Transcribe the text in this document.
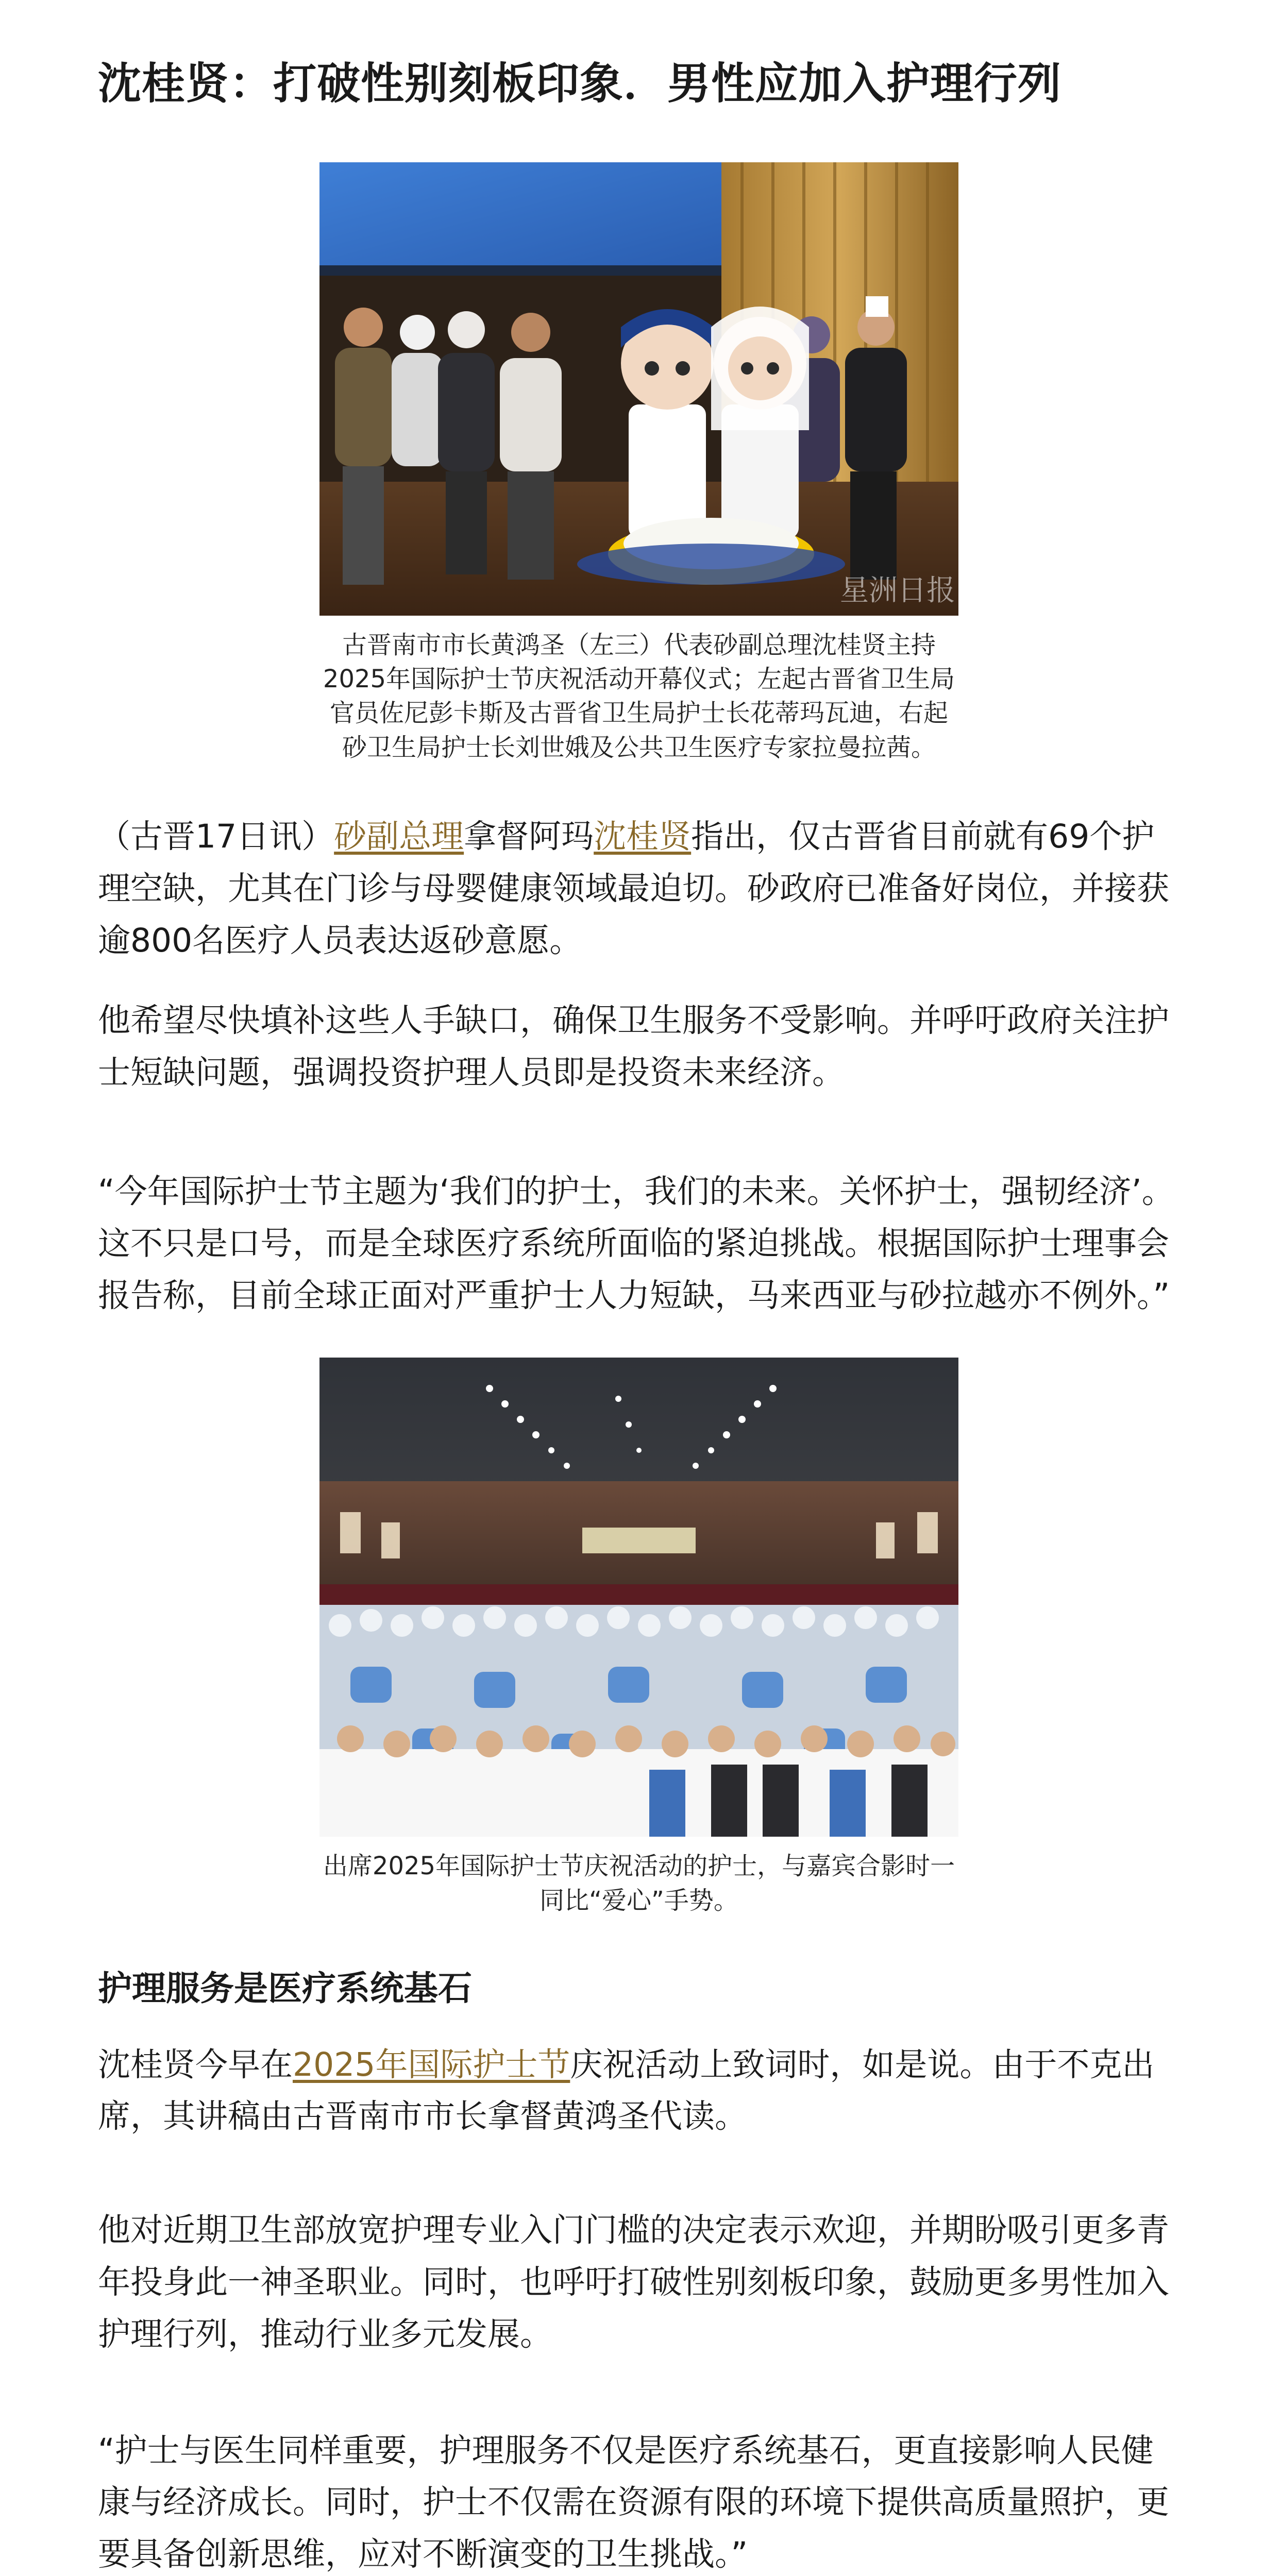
沈桂贤：打破性别刻板印象．男性应加入护理行列
星洲日报
古晋南市市长黄鸿圣（左三）代表砂副总理沈桂贤主持2025年国际护士节庆祝活动开幕仪式；左起古晋省卫生局官员佐尼彭卡斯及古晋省卫生局护士长花蒂玛瓦迪，右起砂卫生局护士长刘世娥及公共卫生医疗专家拉曼拉茜。

（古晋17日讯）砂副总理拿督阿玛沈桂贤指出，仅古晋省目前就有69个护理空缺，尤其在门诊与母婴健康领域最迫切。砂政府已准备好岗位，并接获逾800名医疗人员表达返砂意愿。

他希望尽快填补这些人手缺口，确保卫生服务不受影响。并呼吁政府关注护士短缺问题，强调投资护理人员即是投资未来经济。

“今年国际护士节主题为‘我们的护士，我们的未来。关怀护士，强韧经济’。这不只是口号，而是全球医疗系统所面临的紧迫挑战。根据国际护士理事会报告称，目前全球正面对严重护士人力短缺，马来西亚与砂拉越亦不例外。”

出席2025年国际护士节庆祝活动的护士，与嘉宾合影时一同比“爱心”手势。
护理服务是医疗系统基石

沈桂贤今早在2025年国际护士节庆祝活动上致词时，如是说。由于不克出席，其讲稿由古晋南市市长拿督黄鸿圣代读。

他对近期卫生部放宽护理专业入门门槛的决定表示欢迎，并期盼吸引更多青年投身此一神圣职业。同时，也呼吁打破性别刻板印象，鼓励更多男性加入护理行列，推动行业多元发展。

“护士与医生同样重要，护理服务不仅是医疗系统基石，更直接影响人民健康与经济成长。同时，护士不仅需在资源有限的环境下提供高质量照护，更要具备创新思维，应对不断演变的卫生挑战。”
